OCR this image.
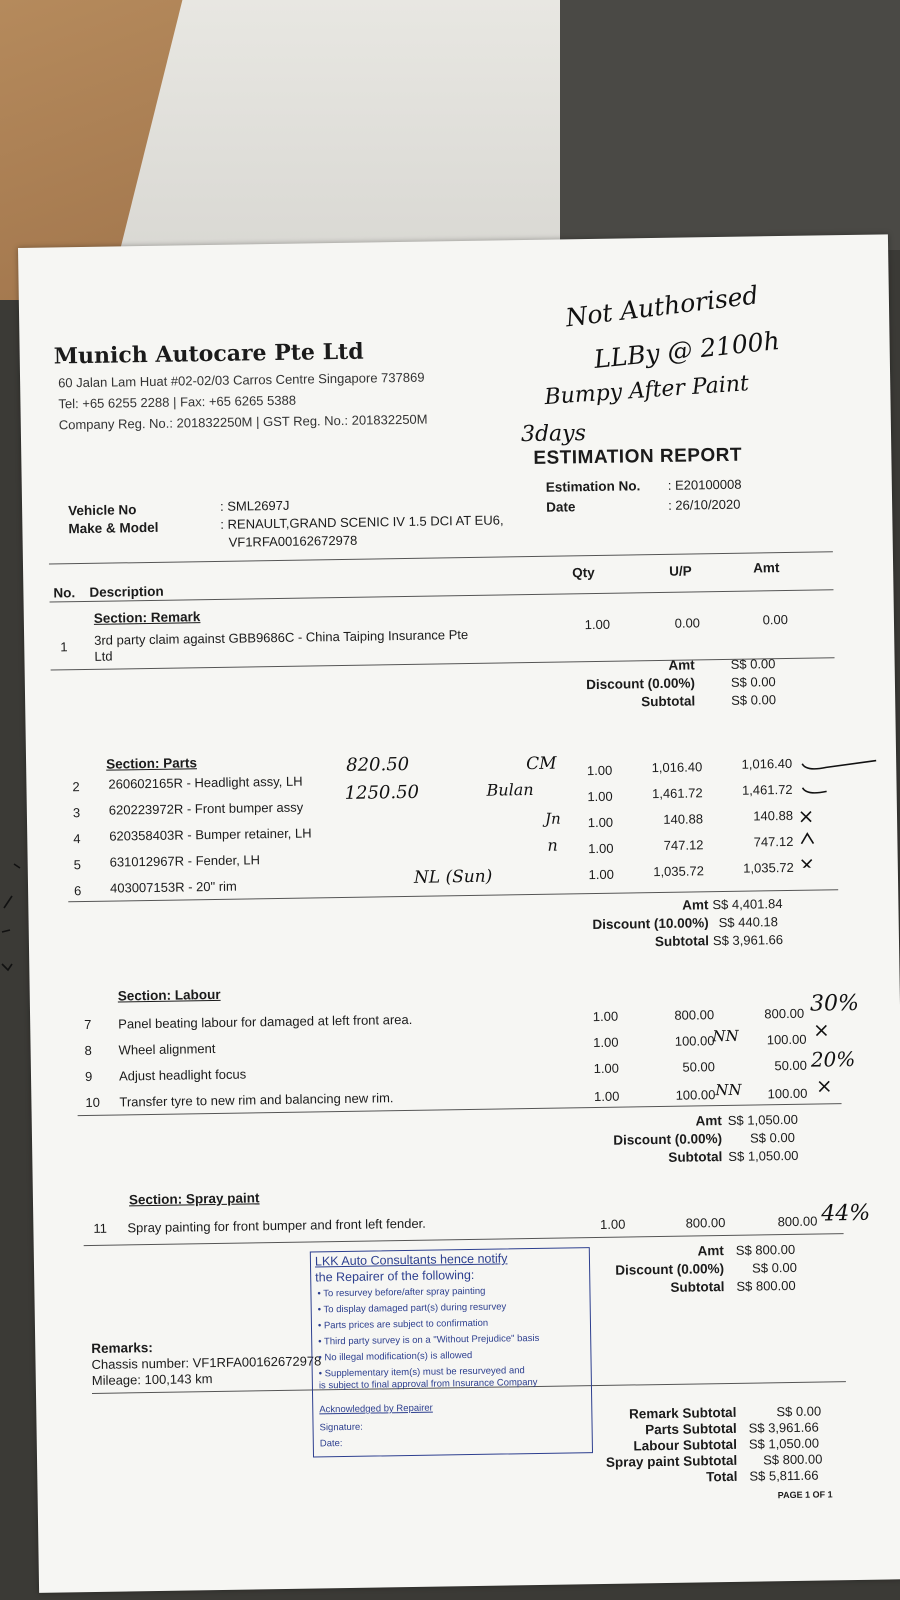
Munich Autocare Pte Ltd
60 Jalan Lam Huat #02-02/03 Carros Centre Singapore 737869
Tel: +65 6255 2288 | Fax: +65 6265 5388
Company Reg. No.: 201832250M | GST Reg. No.: 201832250M
Not Authorised
LLBy @ 2100h
Bumpy After Paint
3days
ESTIMATION REPORT
Estimation No. : E20100008
Date	: 26/10/2020
Vehicle No	: SML2697J
Make & Model	: RENAULT,GRAND SCENIC IV 1.5 DCI AT EU6,
VF1RFA00162672978
No. Description
Qty	U/P	Amt
Section: Remark
1 3rd party claim against GBB9686C - China Taiping Insurance Pte
Ltd
1.00	0.00	0.00
Amt	S$ 0.00
Discount (0.00%)	S$ 0.00
Subtotal	S$ 0.00
Section: Parts
2 260602165R - Headlight assy, LH
1.00	1,016.40	1,016.40
3 620223972R - Front bumper assy
1.00	1,461.72	1,461.72
4 620358403R - Bumper retainer, LH
1.00	140.88	140.88
5 631012967R - Fender, LH
1.00	747.12	747.12
6 403007153R - 20" rim
1.00	1,035.72	1,035.72
820.50
1250.50
CM
Bulan
Jn
n
NL (Sun)
Amt S$ 4,401.84
Discount (10.00%) S$ 440.18
Subtotal S$ 3,961.66
Section: Labour
7 Panel beating labour for damaged at left front area.	1.00	800.00	800.00
8 Wheel alignment	1.00	100.00	100.00
9 Adjust headlight focus	1.00	50.00	50.00
10 Transfer tyre to new rim and balancing new rim.	1.00	100.00	100.00
30%
NN
20%
NN
Amt S$ 1,050.00
Discount (0.00%) S$ 0.00
Subtotal S$ 1,050.00
Section: Spray paint
11 Spray painting for front bumper and front left fender.	1.00	800.00	800.00 44%
Amt S$ 800.00
Discount (0.00%) S$ 0.00
Subtotal S$ 800.00
Remarks:
Chassis number: VF1RFA00162672978
Mileage: 100,143 km
Remark Subtotal	S$ 0.00
Parts Subtotal S$ 3,961.66
Labour Subtotal S$ 1,050.00
Spray paint Subtotal S$ 800.00
Total S$ 5,811.66
PAGE 1 OF 1
LKK Auto Consultants hence notify
the Repairer of the following:
• To resurvey before/after spray painting
• To display damaged part(s) during resurvey
• Parts prices are subject to confirmation
• Third party survey is on a "Without Prejudice" basis
• No illegal modification(s) is allowed
• Supplementary item(s) must be resurveyed and
is subject to final approval from Insurance Company
Acknowledged by Repairer
Signature:
Date:
